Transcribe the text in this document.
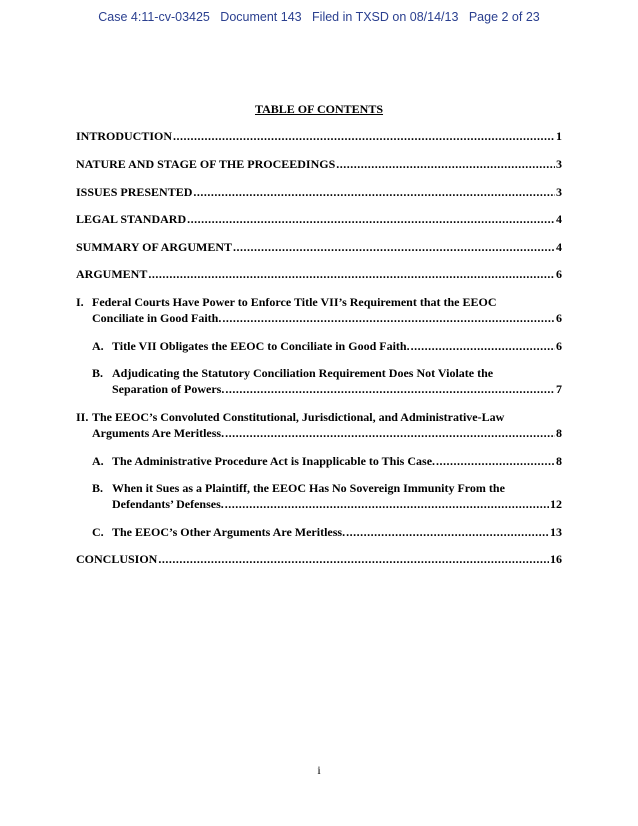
Case 4:11-cv-03425 Document 143 Filed in TXSD on 08/14/13 Page 2 of 23
TABLE OF CONTENTS
INTRODUCTION .....	1
NATURE AND STAGE OF THE PROCEEDINGS .....	3
ISSUES PRESENTED .....	3
LEGAL STANDARD .....	4
SUMMARY OF ARGUMENT .....	4
ARGUMENT .....	6
I. Federal Courts Have Power to Enforce Title VII’s Requirement that the EEOC
Conciliate in Good Faith. .....	6
A. Title VII Obligates the EEOC to Conciliate in Good Faith. .....	6
B. Adjudicating the Statutory Conciliation Requirement Does Not Violate the
Separation of Powers. .....	7
II. The EEOC’s Convoluted Constitutional, Jurisdictional, and Administrative-Law
Arguments Are Meritless. .....	8
A. The Administrative Procedure Act is Inapplicable to This Case. .....	8
B. When it Sues as a Plaintiff, the EEOC Has No Sovereign Immunity From the
Defendants’ Defenses. .....	12
C. The EEOC’s Other Arguments Are Meritless. .....	13
CONCLUSION .....	16
i
